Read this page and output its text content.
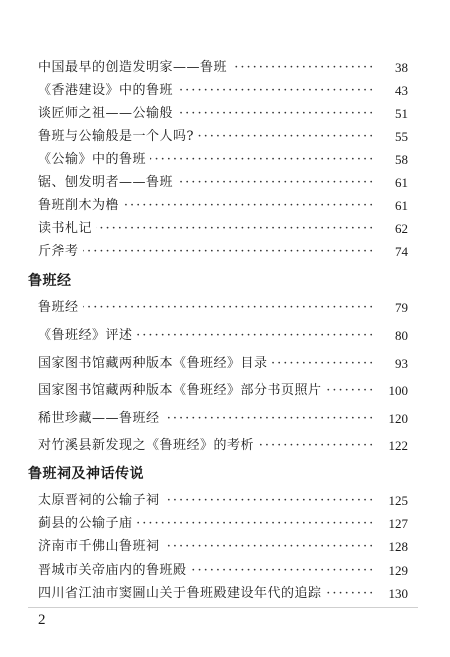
·····
中国最早的创造发明家——鲁班	38
·····
《香港建设》中的鲁班	43
·····
谈匠师之祖——公输般	51
·····
鲁班与公输般是一个人吗?	55
·····
《公输》中的鲁班	58
·····
锯、刨发明者——鲁班	61
·····
鲁班削木为橹	61
·····
读书札记	62
·····
斤斧考	74
鲁班经
·····
鲁班经	79
·····
《鲁班经》评述	80
·····
国家图书馆藏两种版本《鲁班经》目录	93
·····
国家图书馆藏两种版本《鲁班经》部分书页照片	100
·····
稀世珍藏——鲁班经	120
·····
对竹溪县新发现之《鲁班经》的考析	122
鲁班祠及神话传说
·····
太原晋祠的公输子祠	125
·····
蓟县的公输子庙	127
·····
济南市千佛山鲁班祠	128
·····
晋城市关帝庙内的鲁班殿	129
·····
四川省江油市窦圌山关于鲁班殿建设年代的追踪	130
2
